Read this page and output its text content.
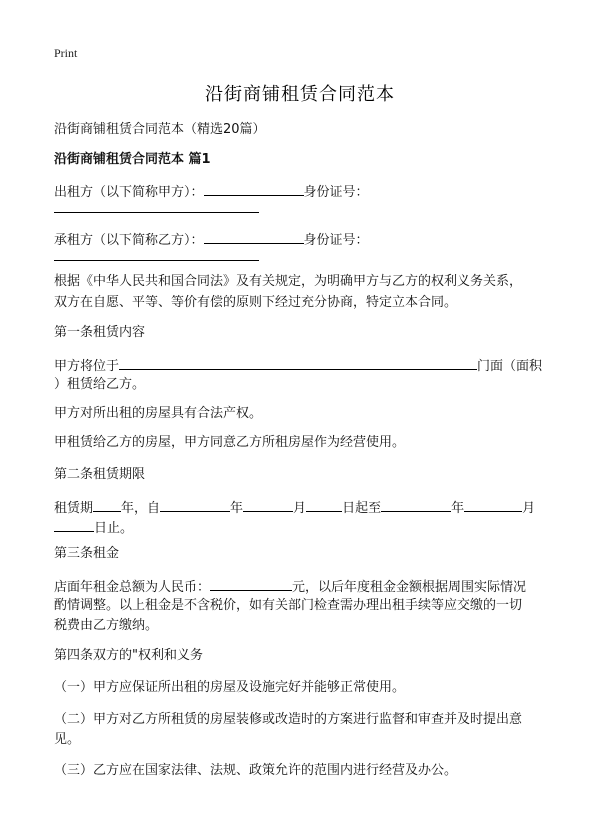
Print
沿街商铺租赁合同范本
沿街商铺租赁合同范本（精选20篇）
沿街商铺租赁合同范本 篇1
出租方（以下简称甲方）：	身份证号：
承租方（以下简称乙方）：	身份证号：
根据《中华人民共和国合同法》及有关规定，为明确甲方与乙方的权利义务关系，
双方在自愿、平等、等价有偿的原则下经过充分协商，特定立本合同。
第一条租赁内容
甲方将位于	门面（面积
）租赁给乙方。
甲方对所出租的房屋具有合法产权。
甲租赁给乙方的房屋，甲方同意乙方所租房屋作为经营使用。
第二条租赁期限
租赁期 年，自	年	月	日起至	年	月
日止。
第三条租金
店面年租金总额为人民币：	元，以后年度租金金额根据周围实际情况
酌情调整。以上租金是不含税价，如有关部门检查需办理出租手续等应交缴的一切
税费由乙方缴纳。
第四条双方的"权利和义务
（一）甲方应保证所出租的房屋及设施完好并能够正常使用。
（二）甲方对乙方所租赁的房屋装修或改造时的方案进行监督和审查并及时提出意
见。
（三）乙方应在国家法律、法规、政策允许的范围内进行经营及办公。
